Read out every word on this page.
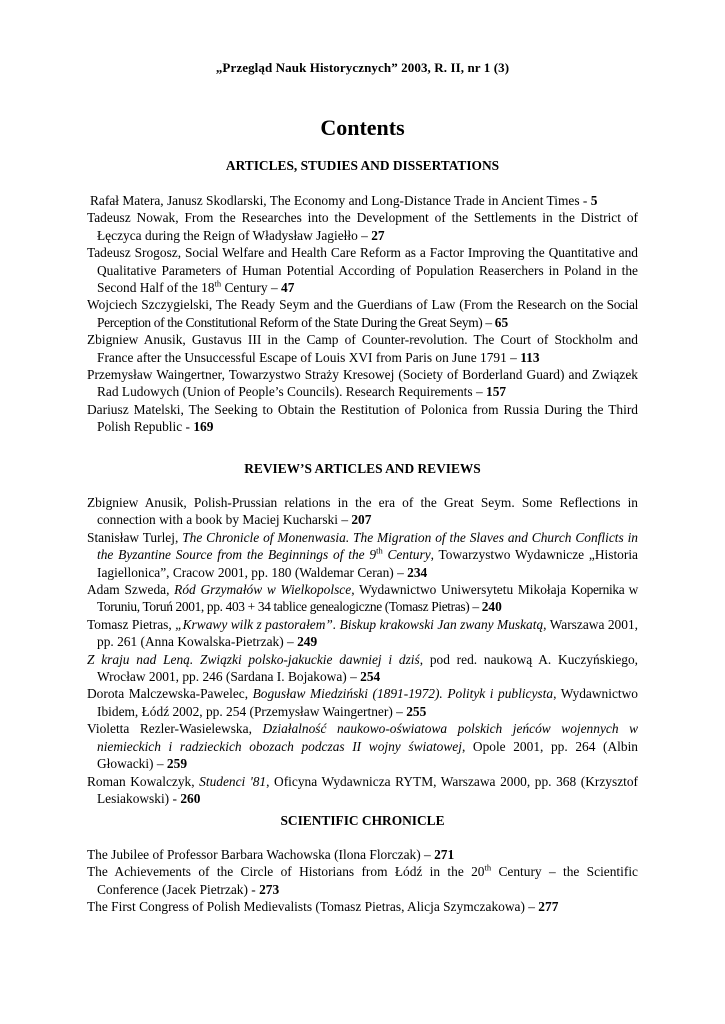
„Przegląd Nauk Historycznych” 2003, R. II, nr 1 (3)
Contents
ARTICLES, STUDIES AND DISSERTATIONS
Rafał Matera, Janusz Skodlarski, The Economy and Long-Distance Trade in Ancient Times - 5
Tadeusz Nowak, From the Researches into the Development of the Settlements in the District of Łęczyca during the Reign of Władysław Jagiełło – 27
Tadeusz Srogosz, Social Welfare and Health Care Reform as a Factor Improving the Quantitative and Qualitative Parameters of Human Potential According of Population Reaserchers in Poland in the Second Half of the 18th Century – 47
Wojciech Szczygielski, The Ready Seym and the Guerdians of Law (From the Research on the Social Perception of the Constitutional Reform of the State During the Great Seym) – 65
Zbigniew Anusik, Gustavus III in the Camp of Counter-revolution. The Court of Stockholm and France after the Unsuccessful Escape of Louis XVI from Paris on June 1791 – 113
Przemysław Waingertner, Towarzystwo Straży Kresowej (Society of Borderland Guard) and Związek Rad Ludowych (Union of People’s Councils). Research Requirements – 157
Dariusz Matelski, The Seeking to Obtain the Restitution of Polonica from Russia During the Third Polish Republic - 169
REVIEW’S ARTICLES AND REVIEWS
Zbigniew Anusik, Polish-Prussian relations in the era of the Great Seym. Some Reflections in connection with a book by Maciej Kucharski – 207
Stanisław Turlej, The Chronicle of Monenwasia. The Migration of the Slaves and Church Conflicts in the Byzantine Source from the Beginnings of the 9th Century, Towarzystwo Wydawnicze „Historia Iagiellonica”, Cracow 2001, pp. 180 (Waldemar Ceran) – 234
Adam Szweda, Ród Grzymałów w Wielkopolsce, Wydawnictwo Uniwersytetu Mikołaja Kopernika w Toruniu, Toruń 2001, pp. 403 + 34 tablice genealogiczne (Tomasz Pietras) – 240
Tomasz Pietras, „Krwawy wilk z pastorałem”. Biskup krakowski Jan zwany Muskatą, Warszawa 2001, pp. 261 (Anna Kowalska-Pietrzak) – 249
Z kraju nad Leną. Związki polsko-jakuckie dawniej i dziś, pod red. naukową A. Kuczyńskiego, Wrocław 2001, pp. 246 (Sardana I. Bojakowa) – 254
Dorota Malczewska-Pawelec, Bogusław Miedziński (1891-1972). Polityk i publicysta, Wydawnictwo Ibidem, Łódź 2002, pp. 254 (Przemysław Waingertner) – 255
Violetta Rezler-Wasielewska, Działalność naukowo-oświatowa polskich jeńców wojennych w niemieckich i radzieckich obozach podczas II wojny światowej, Opole 2001, pp. 264 (Albin Głowacki) – 259
Roman Kowalczyk, Studenci '81, Oficyna Wydawnicza RYTM, Warszawa 2000, pp. 368 (Krzysztof Lesiakowski) - 260
SCIENTIFIC CHRONICLE
The Jubilee of Professor Barbara Wachowska (Ilona Florczak) – 271
The Achievements of the Circle of Historians from Łódź in the 20th Century – the Scientific Conference (Jacek Pietrzak) - 273
The First Congress of Polish Medievalists (Tomasz Pietras, Alicja Szymczakowa) – 277
